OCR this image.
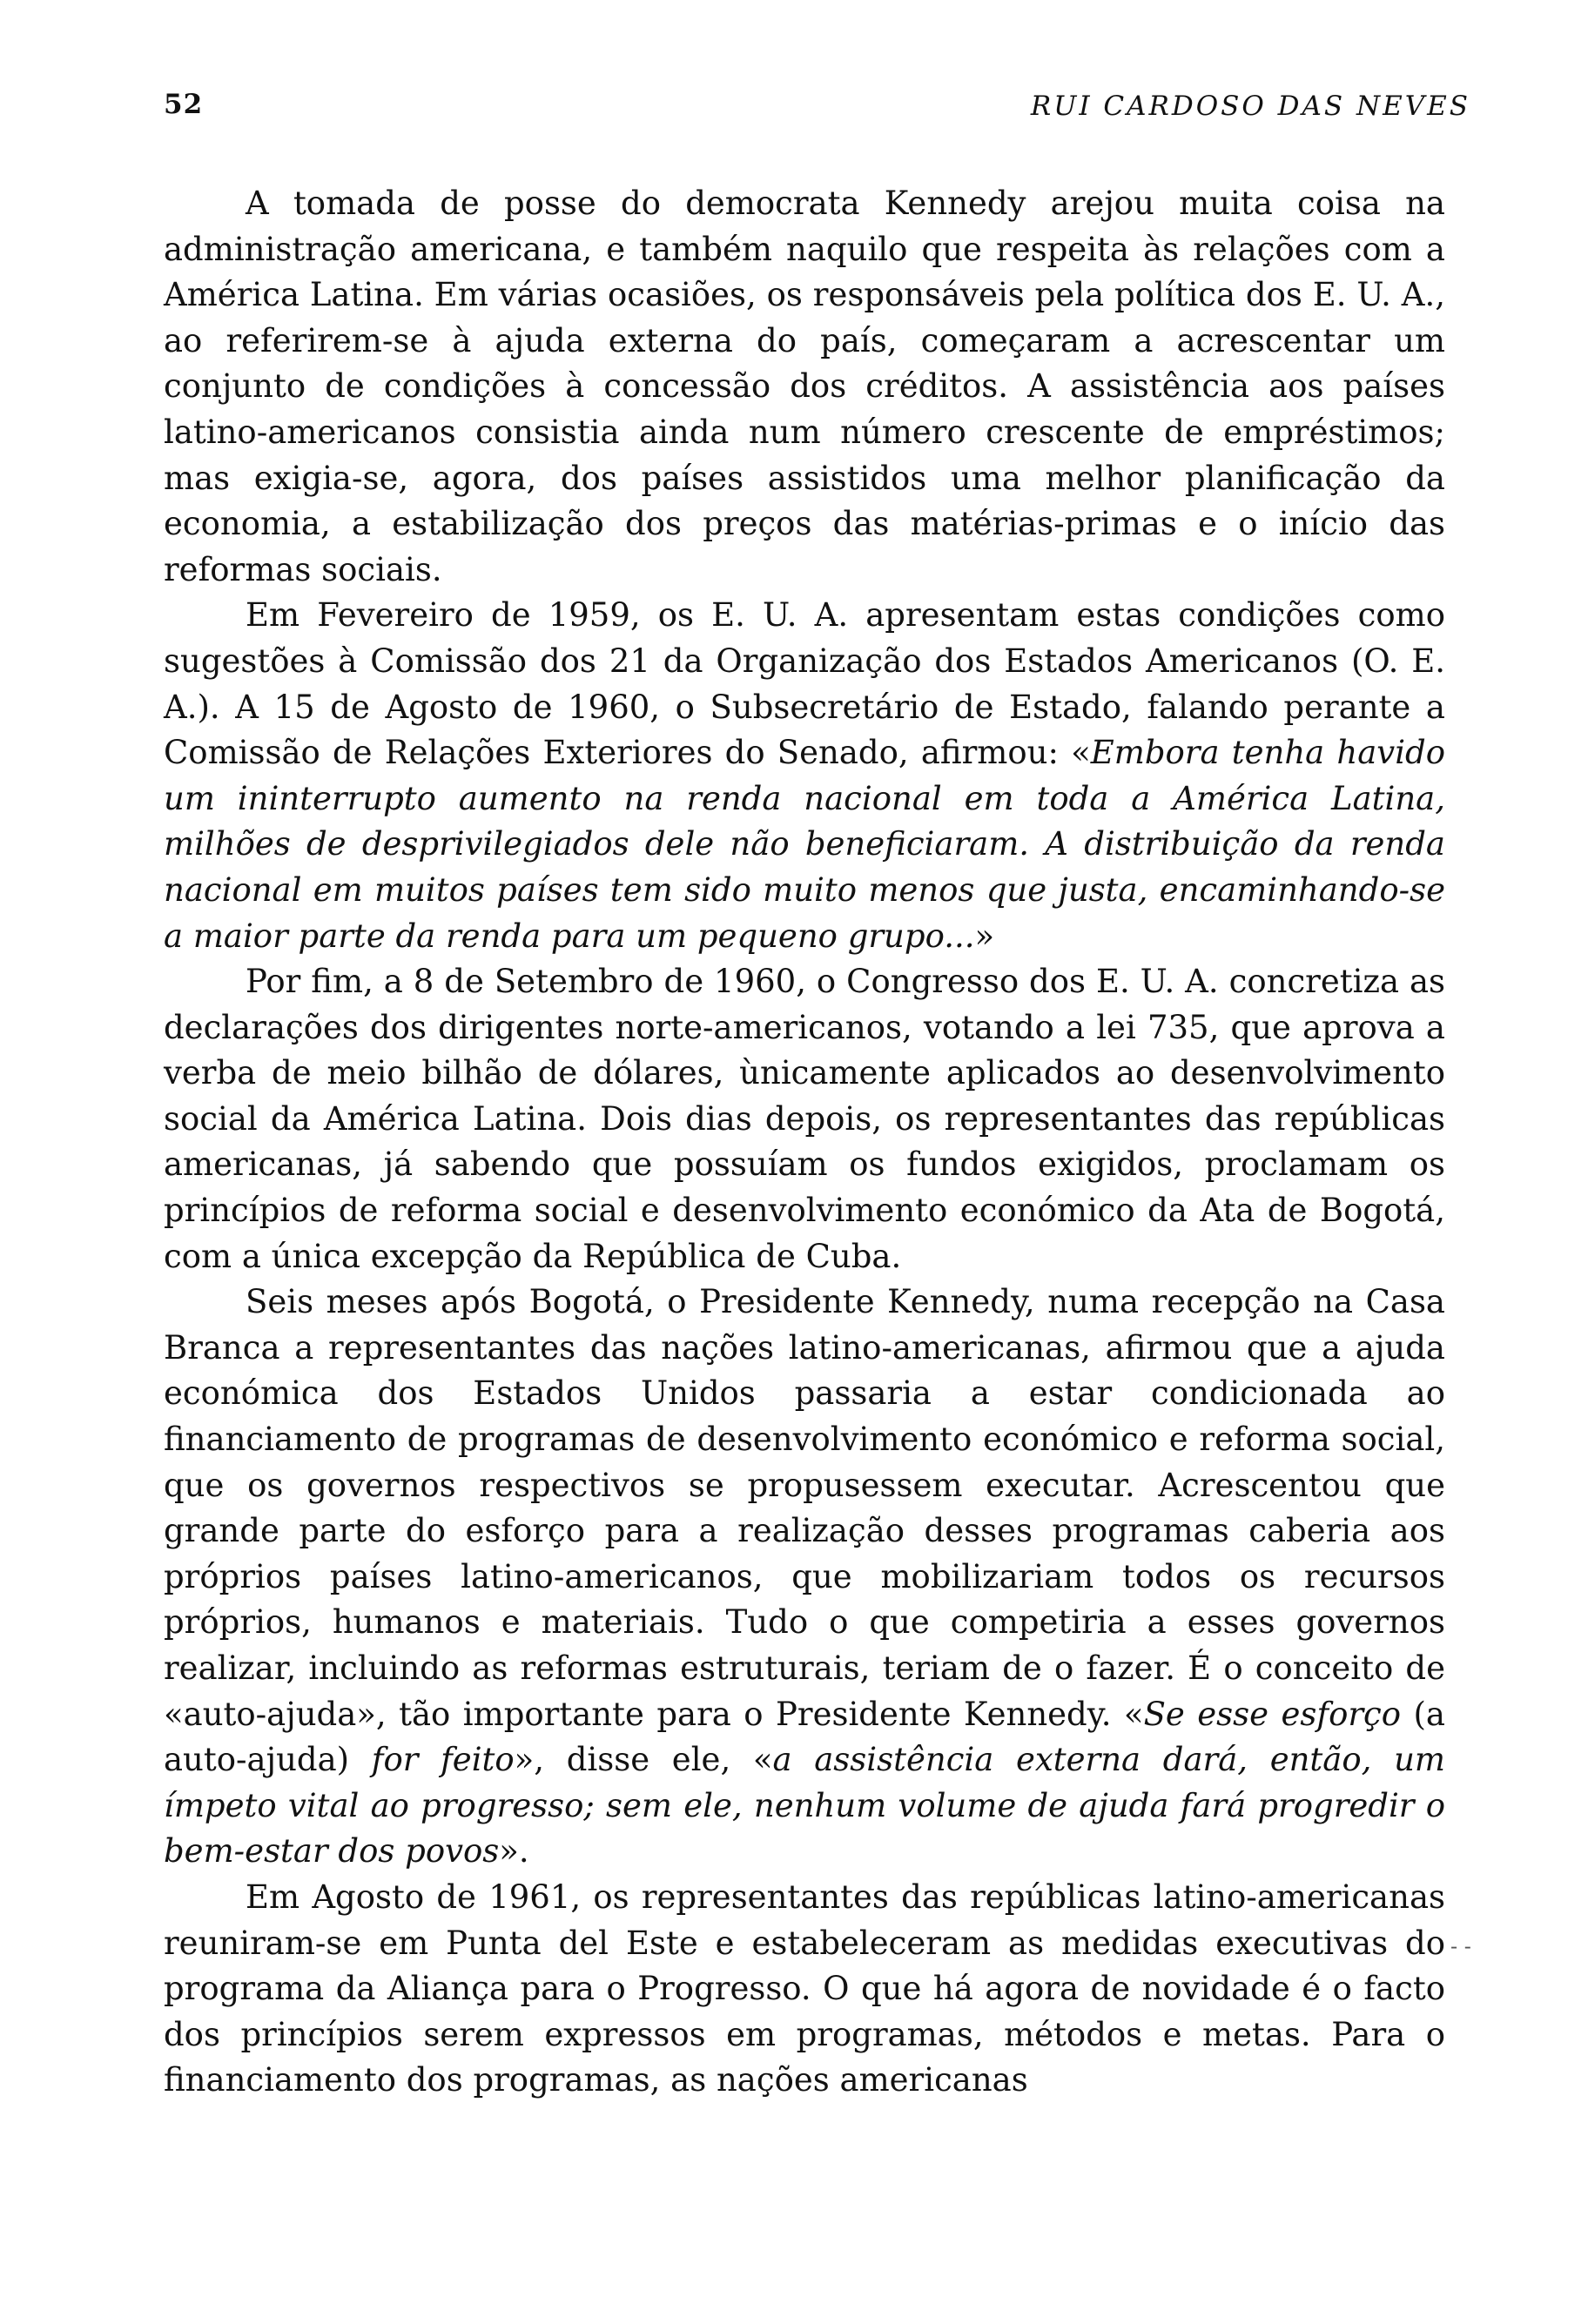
52	RUI CARDOSO DAS NEVES

A tomada de posse do democrata Kennedy arejou muita coisa na administração americana, e também naquilo que respeita às relações com a América Latina. Em várias ocasiões, os responsáveis pela política dos E. U. A., ao referirem-se à ajuda externa do país, começaram a acrescentar um conjunto de condições à concessão dos créditos. A assistência aos países latino-americanos consistia ainda num número crescente de empréstimos; mas exigia-se, agora, dos países assistidos uma melhor planificação da economia, a estabilização dos preços das matérias-primas e o início das reformas sociais.

Em Fevereiro de 1959, os E. U. A. apresentam estas condições como sugestões à Comissão dos 21 da Organização dos Estados Americanos (O. E. A.). A 15 de Agosto de 1960, o Subsecretário de Estado, falando perante a Comissão de Relações Exteriores do Senado, afirmou: «Embora tenha havido um ininterrupto aumento na renda nacional em toda a América Latina, milhões de desprivilegiados dele não beneficiaram. A distribuição da renda nacional em muitos países tem sido muito menos que justa, encaminhando-se a maior parte da renda para um pequeno grupo...»

Por fim, a 8 de Setembro de 1960, o Congresso dos E. U. A. concretiza as declarações dos dirigentes norte-americanos, votando a lei 735, que aprova a verba de meio bilhão de dólares, ùnicamente aplicados ao desenvolvimento social da América Latina. Dois dias depois, os representantes das repúblicas americanas, já sabendo que possuíam os fundos exigidos, proclamam os princípios de reforma social e desenvolvimento económico da Ata de Bogotá, com a única excepção da República de Cuba.

Seis meses após Bogotá, o Presidente Kennedy, numa recepção na Casa Branca a representantes das nações latino-americanas, afirmou que a ajuda económica dos Estados Unidos passaria a estar condicionada ao financiamento de programas de desenvolvimento económico e reforma social, que os governos respectivos se propusessem executar. Acrescentou que grande parte do esforço para a realização desses programas caberia aos próprios países latino-americanos, que mobilizariam todos os recursos próprios, humanos e materiais. Tudo o que competiria a esses governos realizar, incluindo as reformas estruturais, teriam de o fazer. É o conceito de «auto-ajuda», tão importante para o Presidente Kennedy. «Se esse esforço (a auto-ajuda) for feito», disse ele, «a assistência externa dará, então, um ímpeto vital ao progresso; sem ele, nenhum volume de ajuda fará progredir o bem-estar dos povos».

Em Agosto de 1961, os representantes das repúblicas latino-americanas reuniram-se em Punta del Este e estabeleceram as medidas executivas do programa da Aliança para o Progresso. O que há agora de novidade é o facto dos princípios serem expressos em programas, métodos e metas. Para o financiamento dos programas, as nações americanas

- -
